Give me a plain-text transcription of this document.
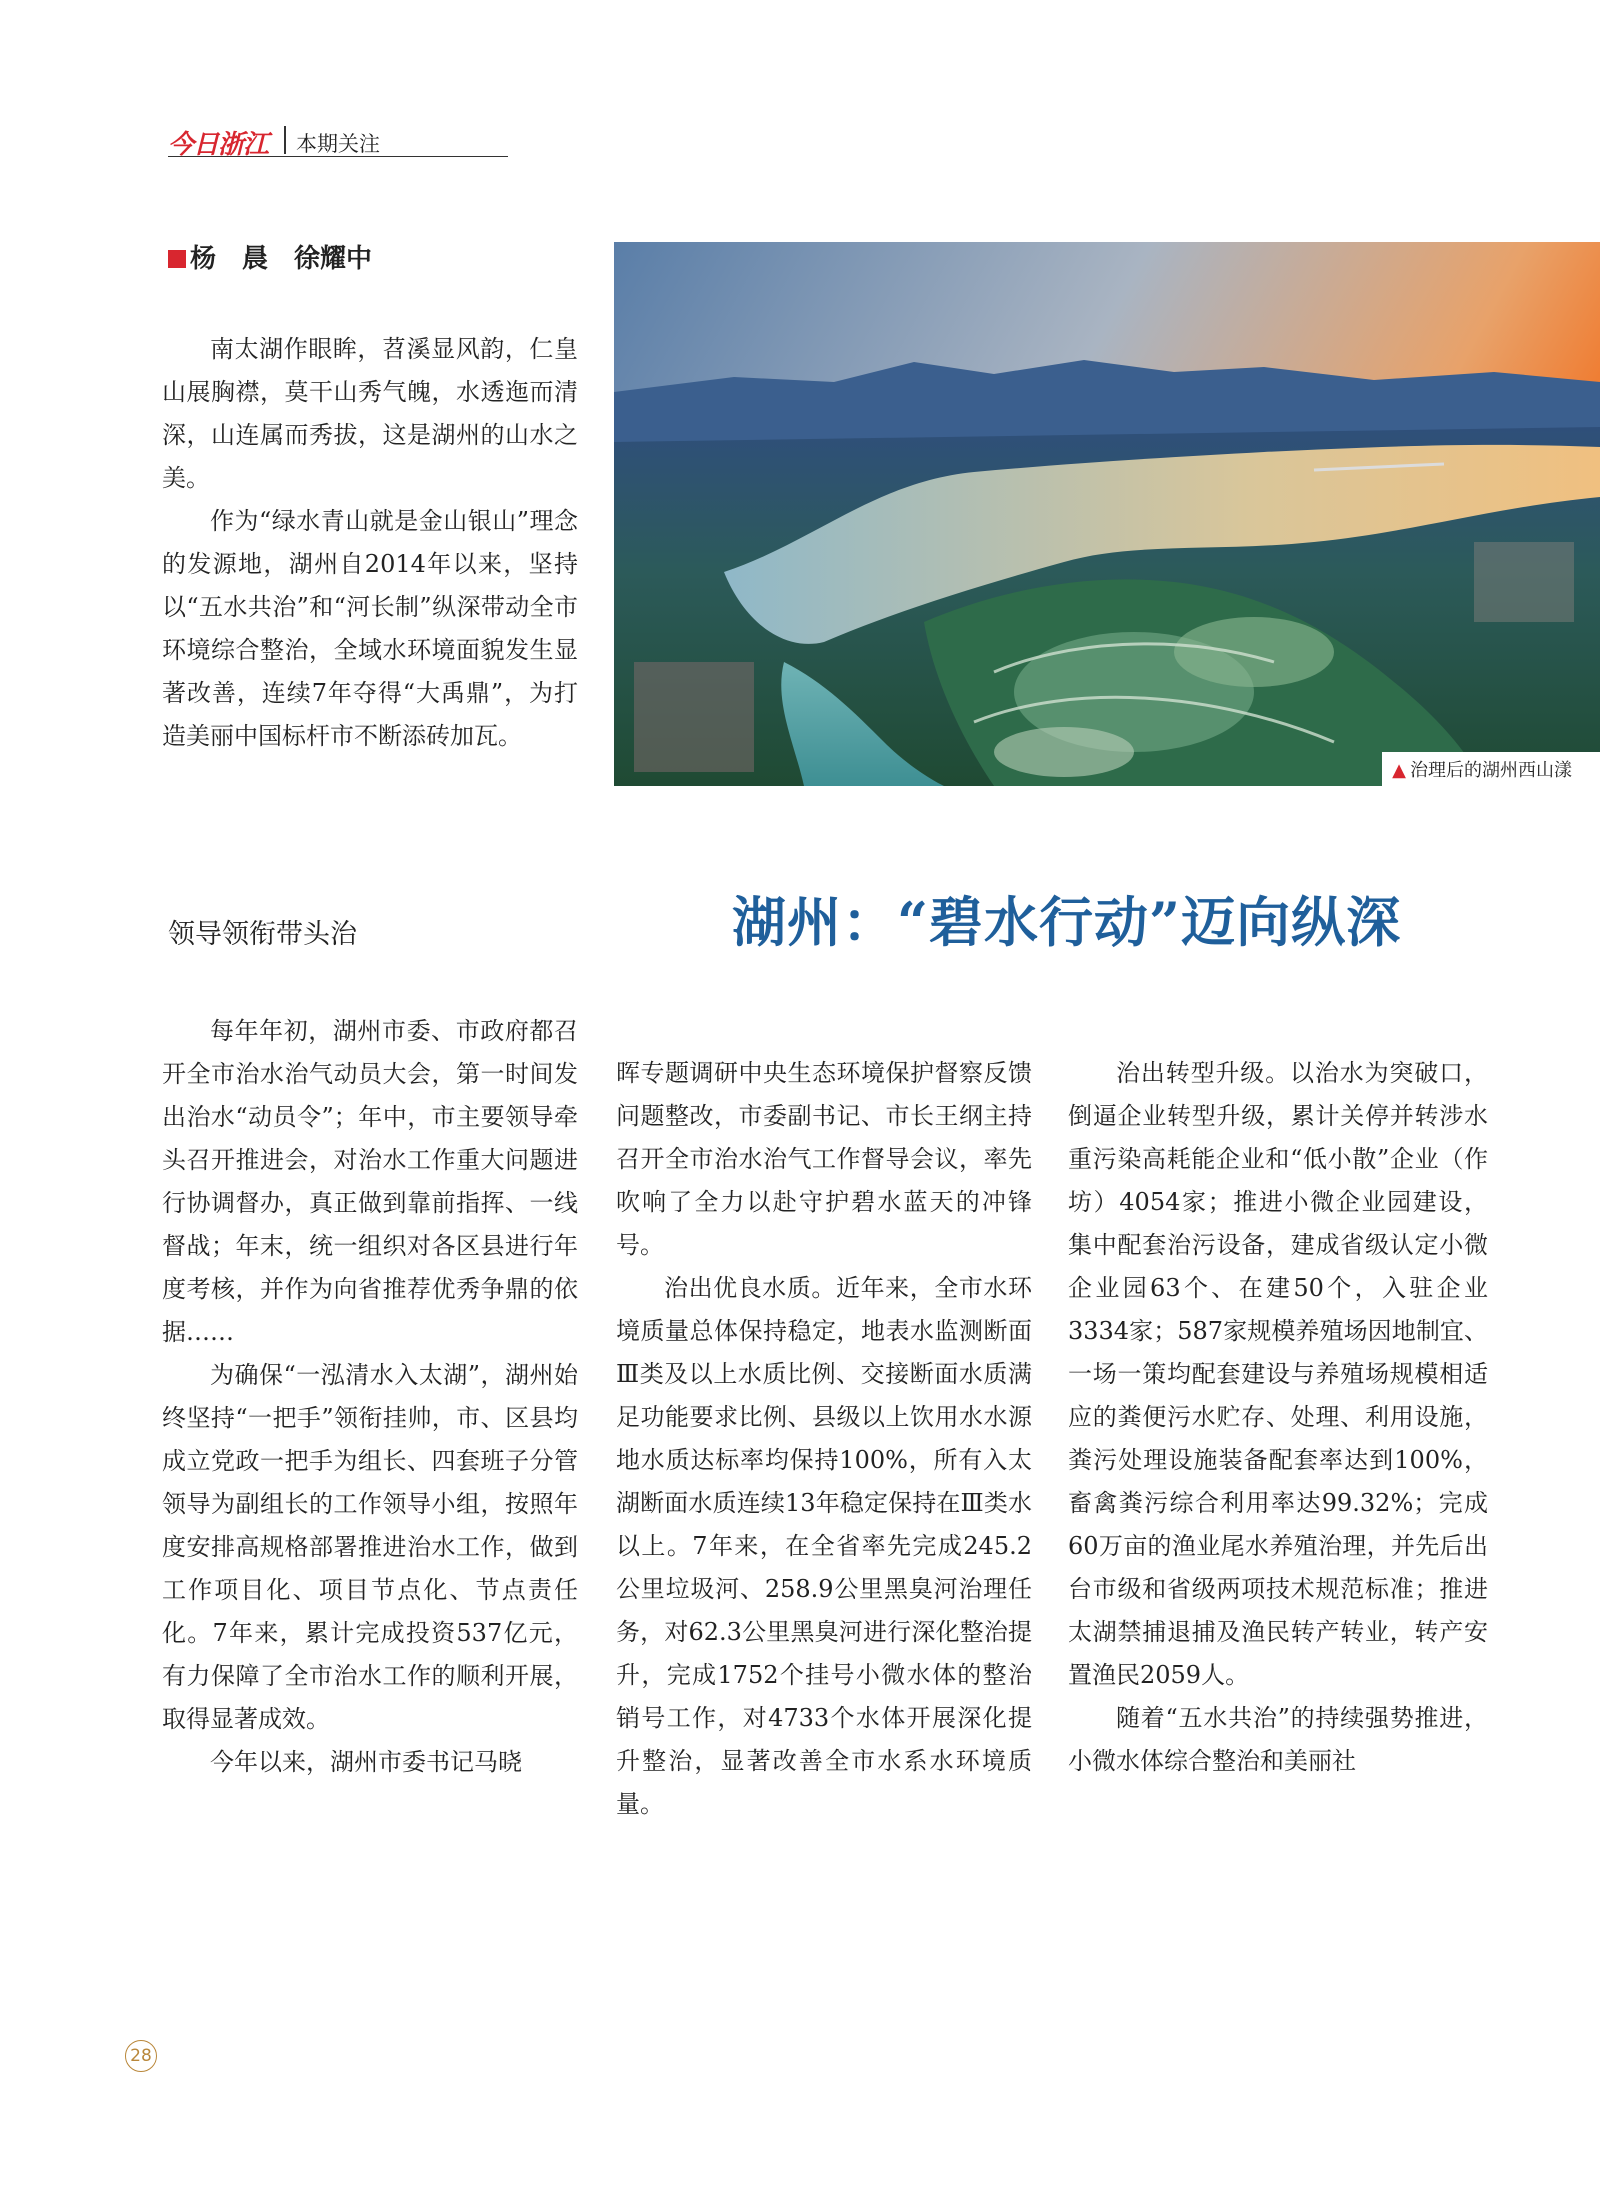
今日浙江 本期关注
杨　晨　徐耀中
▲ 治理后的湖州西山漾

南太湖作眼眸，苕溪显风韵，仁皇山展胸襟，莫干山秀气魄，水透迤而清深，山连属而秀拔，这是湖州的山水之美。

作为“绿水青山就是金山银山”理念的发源地，湖州自2014年以来，坚持以“五水共治”和“河长制”纵深带动全市环境综合整治，全域水环境面貌发生显著改善，连续7年夺得“大禹鼎”，为打造美丽中国标杆市不断添砖加瓦。

领导领衔带头治	湖州：“碧水行动”迈向纵深

每年年初，湖州市委、市政府都召开全市治水治气动员大会，第一时间发出治水“动员令”；年中，市主要领导牵头召开推进会，对治水工作重大问题进行协调督办，真正做到靠前指挥、一线督战；年末，统一组织对各区县进行年度考核，并作为向省推荐优秀争鼎的依据……

为确保“一泓清水入太湖”，湖州始终坚持“一把手”领衔挂帅，市、区县均成立党政一把手为组长、四套班子分管领导为副组长的工作领导小组，按照年度安排高规格部署推进治水工作，做到工作项目化、项目节点化、节点责任化。7年来，累计完成投资537亿元，有力保障了全市治水工作的顺利开展，取得显著成效。

今年以来，湖州市委书记马晓

晖专题调研中央生态环境保护督察反馈问题整改，市委副书记、市长王纲主持召开全市治水治气工作督导会议，率先吹响了全力以赴守护碧水蓝天的冲锋号。

治出优良水质。近年来，全市水环境质量总体保持稳定，地表水监测断面Ⅲ类及以上水质比例、交接断面水质满足功能要求比例、县级以上饮用水水源地水质达标率均保持100%，所有入太湖断面水质连续13年稳定保持在Ⅲ类水以上。7年来，在全省率先完成245.2公里垃圾河、258.9公里黑臭河治理任务，对62.3公里黑臭河进行深化整治提升，完成1752个挂号小微水体的整治销号工作，对4733个水体开展深化提升整治，显著改善全市水系水环境质量。

治出转型升级。以治水为突破口，倒逼企业转型升级，累计关停并转涉水重污染高耗能企业和“低小散”企业（作坊）4054家；推进小微企业园建设，集中配套治污设备，建成省级认定小微企业园63个、在建50个，入驻企业3334家；587家规模养殖场因地制宜、一场一策均配套建设与养殖场规模相适应的粪便污水贮存、处理、利用设施，粪污处理设施装备配套率达到100%，畜禽粪污综合利用率达99.32%；完成60万亩的渔业尾水养殖治理，并先后出台市级和省级两项技术规范标准；推进太湖禁捕退捕及渔民转产转业，转产安置渔民2059人。

随着“五水共治”的持续强势推进，小微水体综合整治和美丽社

28
